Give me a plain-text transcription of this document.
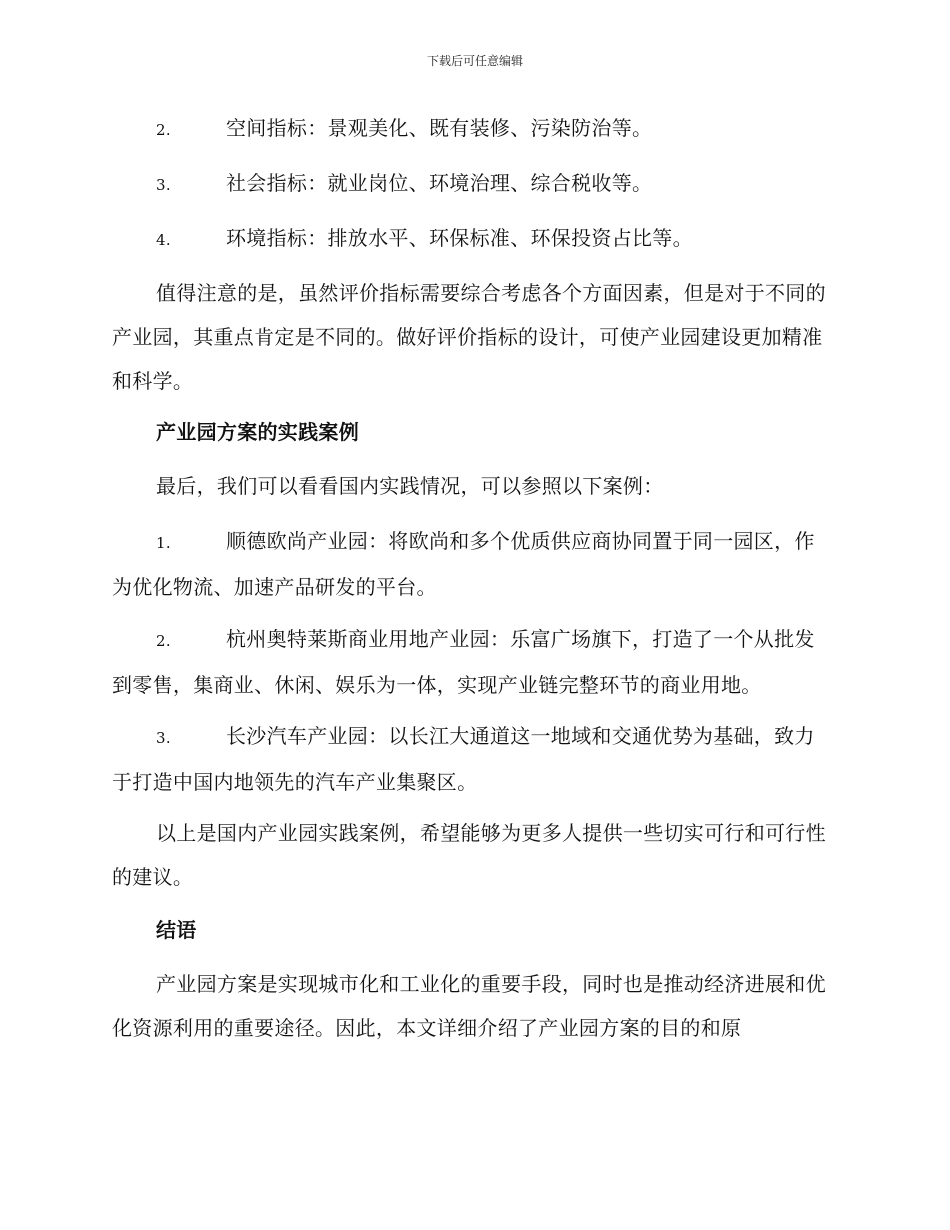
下载后可任意编辑

2.	空间指标：景观美化、既有装修、污染防治等。

3.	社会指标：就业岗位、环境治理、综合税收等。

4.	环境指标：排放水平、环保标准、环保投资占比等。

值得注意的是，虽然评价指标需要综合考虑各个方面因素，但是对于不同的产业园，其重点肯定是不同的。做好评价指标的设计，可使产业园建设更加精准和科学。

产业园方案的实践案例

最后，我们可以看看国内实践情况，可以参照以下案例：

1.	顺德欧尚产业园：将欧尚和多个优质供应商协同置于同一园区，作为优化物流、加速产品研发的平台。

2.	杭州奥特莱斯商业用地产业园：乐富广场旗下，打造了一个从批发到零售，集商业、休闲、娱乐为一体，实现产业链完整环节的商业用地。

3.	长沙汽车产业园：以长江大通道这一地域和交通优势为基础，致力于打造中国内地领先的汽车产业集聚区。

以上是国内产业园实践案例，希望能够为更多人提供一些切实可行和可行性的建议。

结语

产业园方案是实现城市化和工业化的重要手段，同时也是推动经济进展和优化资源利用的重要途径。因此，本文详细介绍了产业园方案的目的和原
